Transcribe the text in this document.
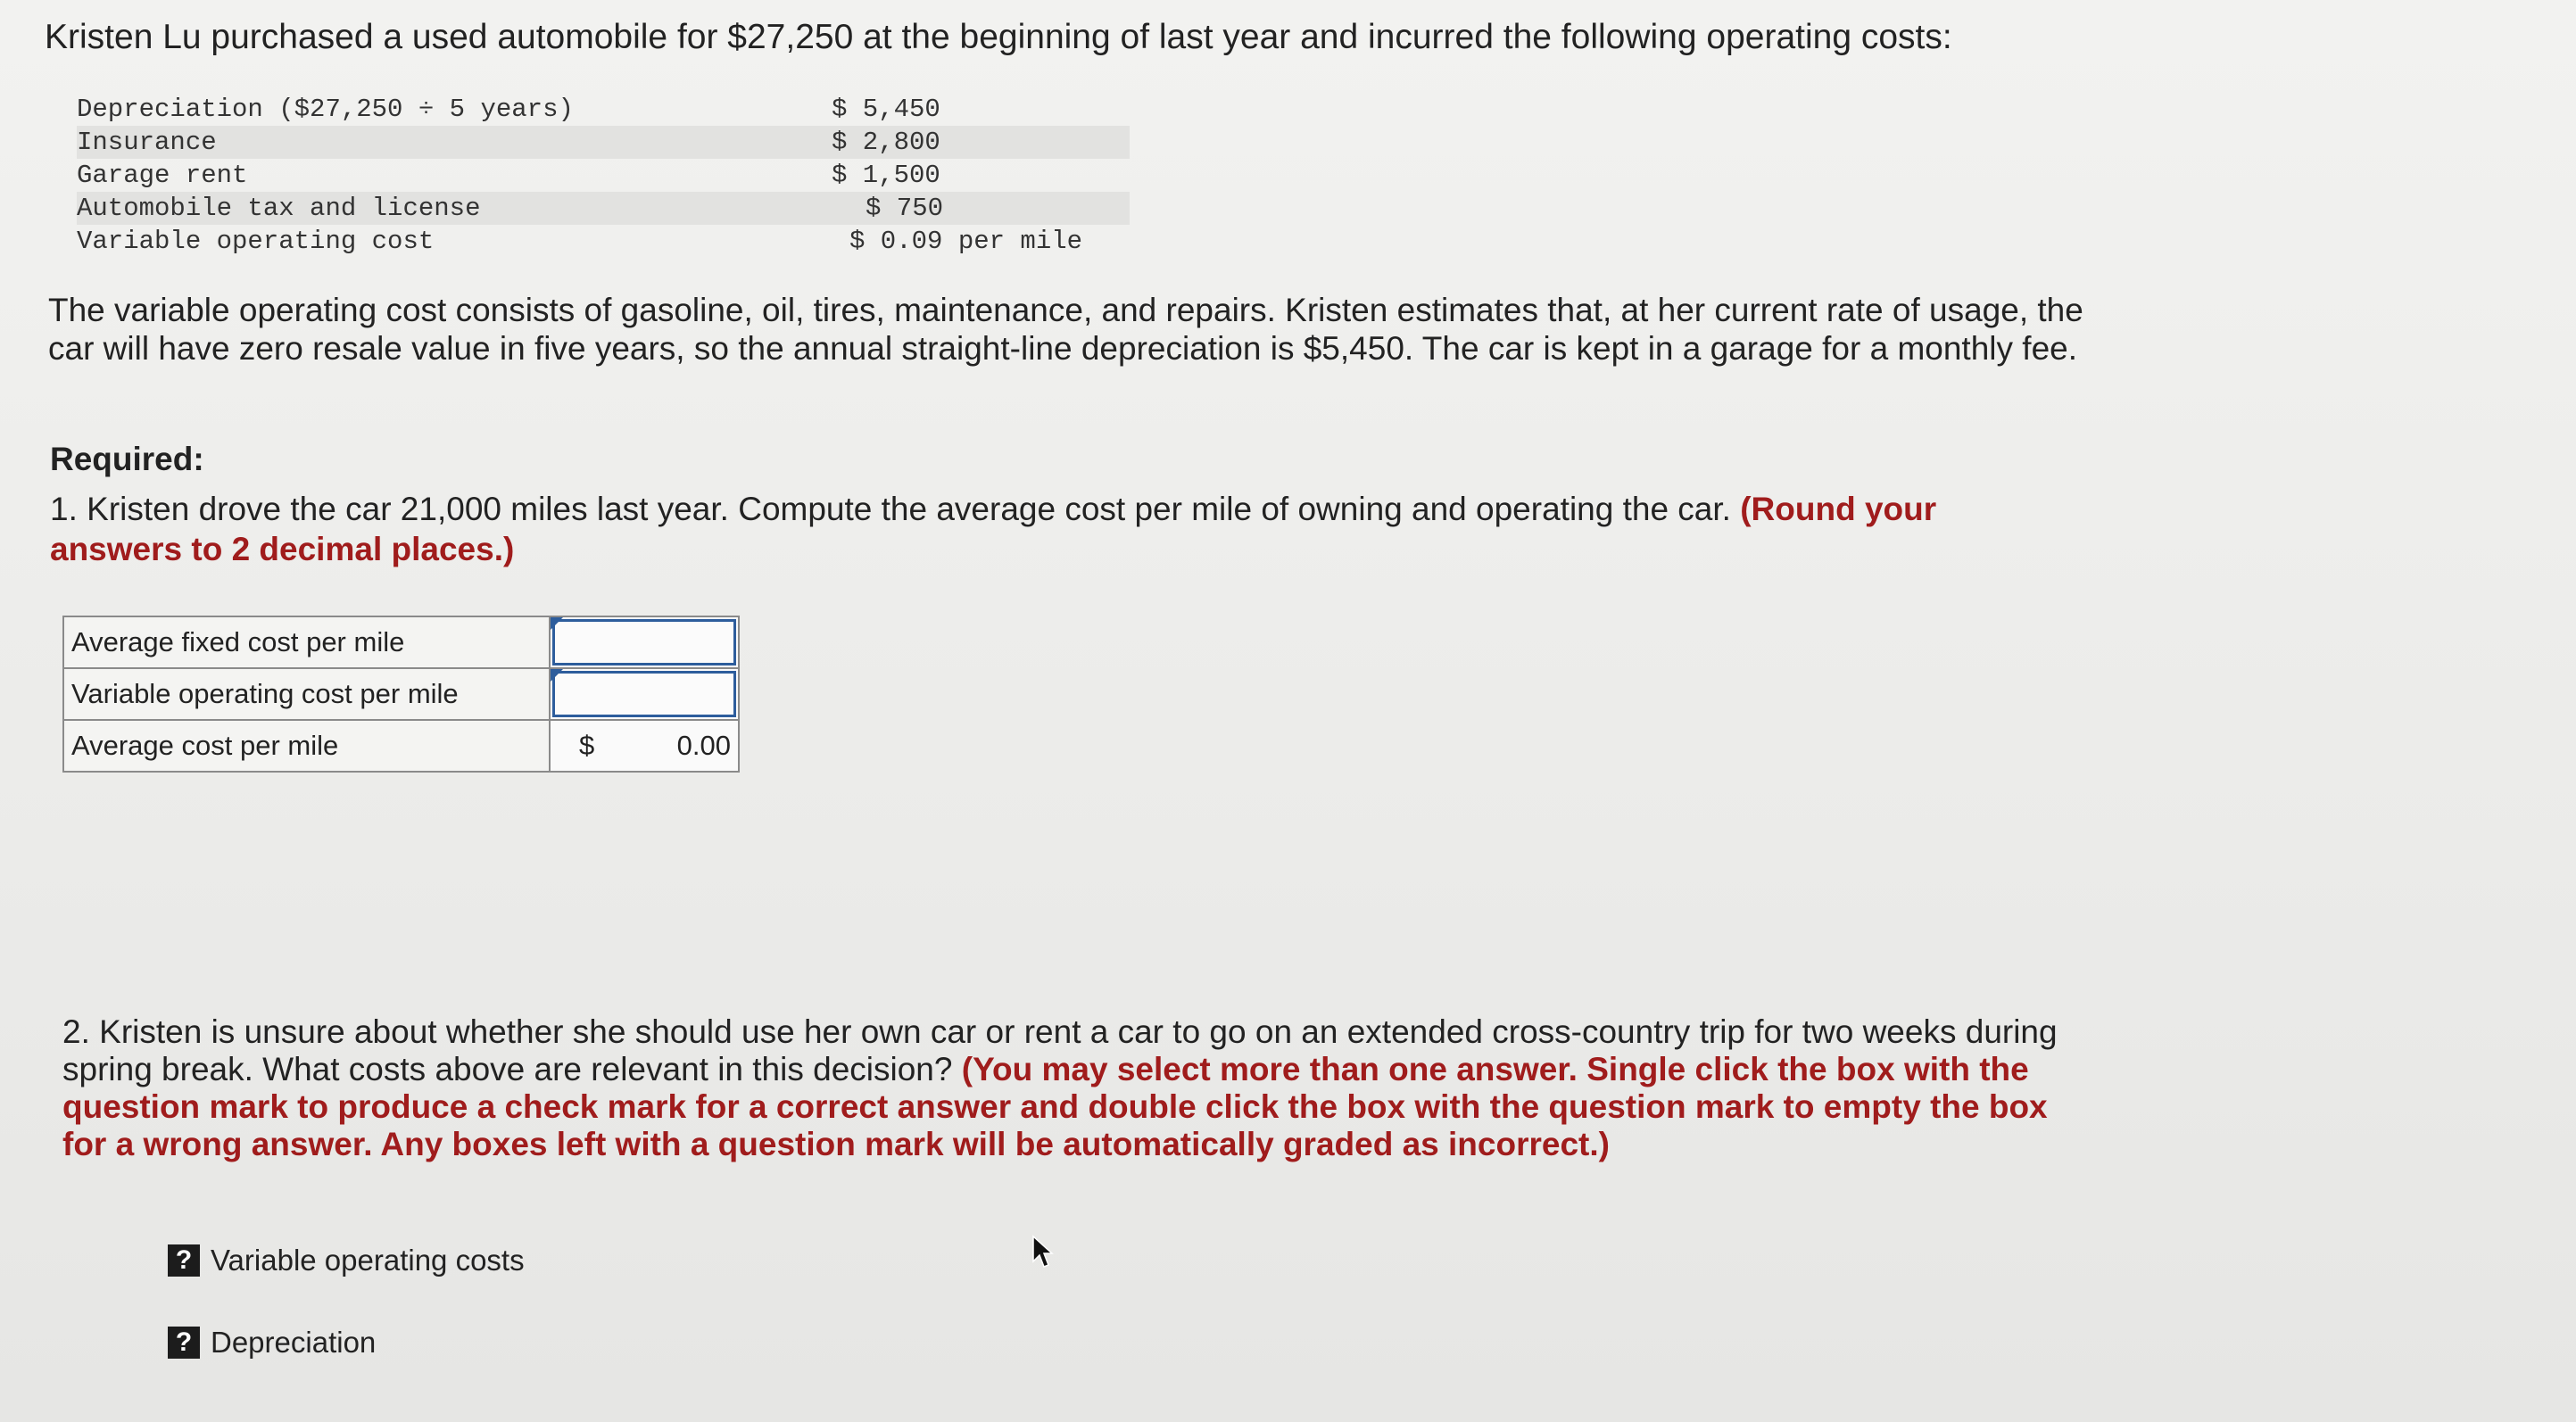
Kristen Lu purchased a used automobile for $27,250 at the beginning of last year and incurred the following operating costs:

Depreciation ($27,250 ÷ 5 years)	$ 5,450
Insurance	$ 2,800
Garage rent	$ 1,500
Automobile tax and license	$ 750
Variable operating cost	$ 0.09 per mile

The variable operating cost consists of gasoline, oil, tires, maintenance, and repairs. Kristen estimates that, at her current rate of usage, the car will have zero resale value in five years, so the annual straight-line depreciation is $5,450. The car is kept in a garage for a monthly fee.

Required:

1. Kristen drove the car 21,000 miles last year. Compute the average cost per mile of owning and operating the car. (Round your answers to 2 decimal places.)

Average fixed cost per mile	

Variable operating cost per mile	

Average cost per mile	$ 0.00

2. Kristen is unsure about whether she should use her own car or rent a car to go on an extended cross-country trip for two weeks during spring break. What costs above are relevant in this decision? (You may select more than one answer. Single click the box with the question mark to produce a check mark for a correct answer and double click the box with the question mark to empty the box for a wrong answer. Any boxes left with a question mark will be automatically graded as incorrect.)

? Variable operating costs
? Depreciation
